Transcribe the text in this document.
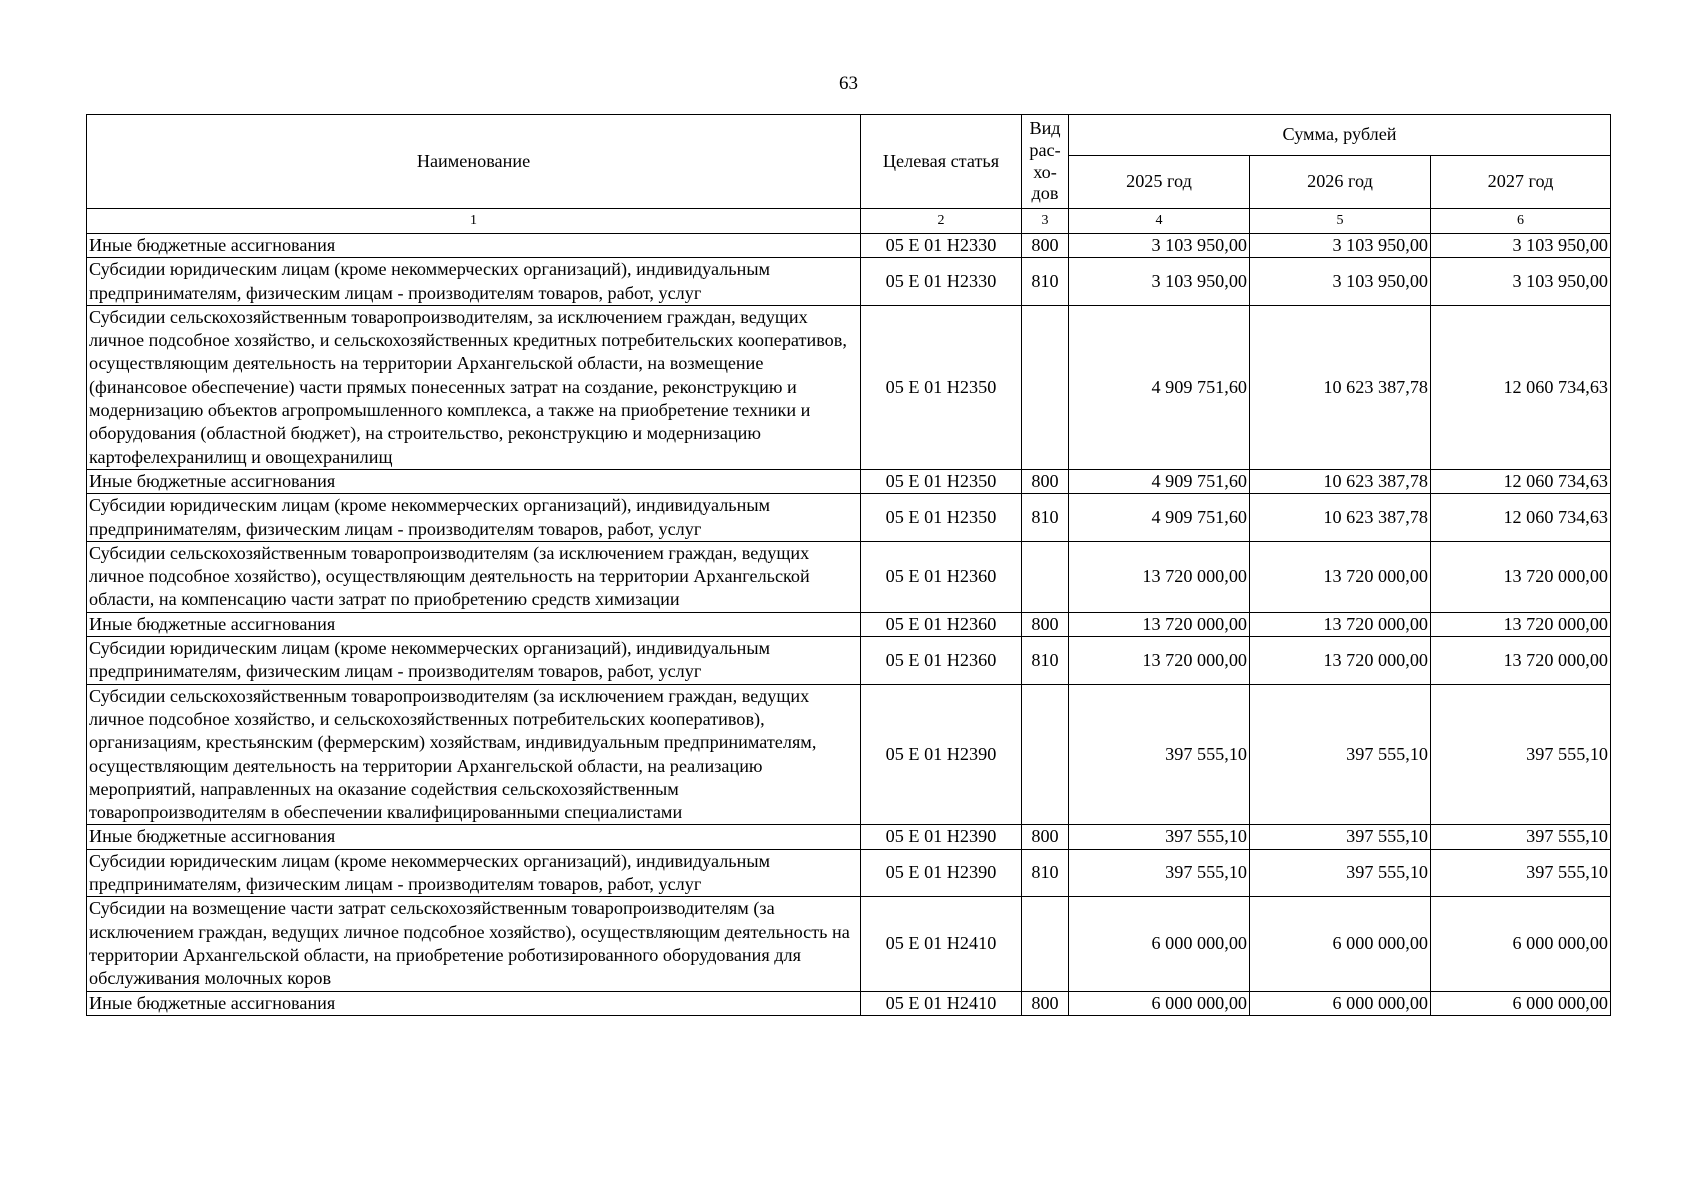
63
Наименование	Целевая статья	Вид рас-хо-дов	Сумма, рублей		
			2025 год	2026 год	2027 год
1	2	3	4	5	6
Иные бюджетные ассигнования	05 Е 01 Н2330	800	3 103 950,00	3 103 950,00	3 103 950,00
Субсидии юридическим лицам (кроме некоммерческих организаций), индивидуальным предпринимателям, физическим лицам - производителям товаров, работ, услуг	05 Е 01 Н2330	810	3 103 950,00	3 103 950,00	3 103 950,00
Субсидии сельскохозяйственным товаропроизводителям, за исключением граждан, ведущих личное подсобное хозяйство, и сельскохозяйственных кредитных потребительских кооперативов, осуществляющим деятельность на территории Архангельской области, на возмещение (финансовое обеспечение) части прямых понесенных затрат на создание, реконструкцию и модернизацию объектов агропромышленного комплекса, а также на приобретение техники и оборудования (областной бюджет), на строительство, реконструкцию и модернизацию картофелехранилищ и овощехранилищ	05 Е 01 Н2350		4 909 751,60	10 623 387,78	12 060 734,63
Иные бюджетные ассигнования	05 Е 01 Н2350	800	4 909 751,60	10 623 387,78	12 060 734,63
Субсидии юридическим лицам (кроме некоммерческих организаций), индивидуальным предпринимателям, физическим лицам - производителям товаров, работ, услуг	05 Е 01 Н2350	810	4 909 751,60	10 623 387,78	12 060 734,63
Субсидии сельскохозяйственным товаропроизводителям (за исключением граждан, ведущих личное подсобное хозяйство), осуществляющим деятельность на территории Архангельской области, на компенсацию части затрат по приобретению средств химизации	05 Е 01 Н2360		13 720 000,00	13 720 000,00	13 720 000,00
Иные бюджетные ассигнования	05 Е 01 Н2360	800	13 720 000,00	13 720 000,00	13 720 000,00
Субсидии юридическим лицам (кроме некоммерческих организаций), индивидуальным предпринимателям, физическим лицам - производителям товаров, работ, услуг	05 Е 01 Н2360	810	13 720 000,00	13 720 000,00	13 720 000,00
Субсидии сельскохозяйственным товаропроизводителям (за исключением граждан, ведущих личное подсобное хозяйство, и сельскохозяйственных потребительских кооперативов), организациям, крестьянским (фермерским) хозяйствам, индивидуальным предпринимателям, осуществляющим деятельность на территории Архангельской области, на реализацию мероприятий, направленных на оказание содействия сельскохозяйственным товаропроизводителям в обеспечении квалифицированными специалистами	05 Е 01 Н2390		397 555,10	397 555,10	397 555,10
Иные бюджетные ассигнования	05 Е 01 Н2390	800	397 555,10	397 555,10	397 555,10
Субсидии юридическим лицам (кроме некоммерческих организаций), индивидуальным предпринимателям, физическим лицам - производителям товаров, работ, услуг	05 Е 01 Н2390	810	397 555,10	397 555,10	397 555,10
Субсидии на возмещение части затрат сельскохозяйственным товаропроизводителям (за исключением граждан, ведущих личное подсобное хозяйство), осуществляющим деятельность на территории Архангельской области, на приобретение роботизированного оборудования для обслуживания молочных коров	05 Е 01 Н2410		6 000 000,00	6 000 000,00	6 000 000,00
Иные бюджетные ассигнования	05 Е 01 Н2410	800	6 000 000,00	6 000 000,00	6 000 000,00
